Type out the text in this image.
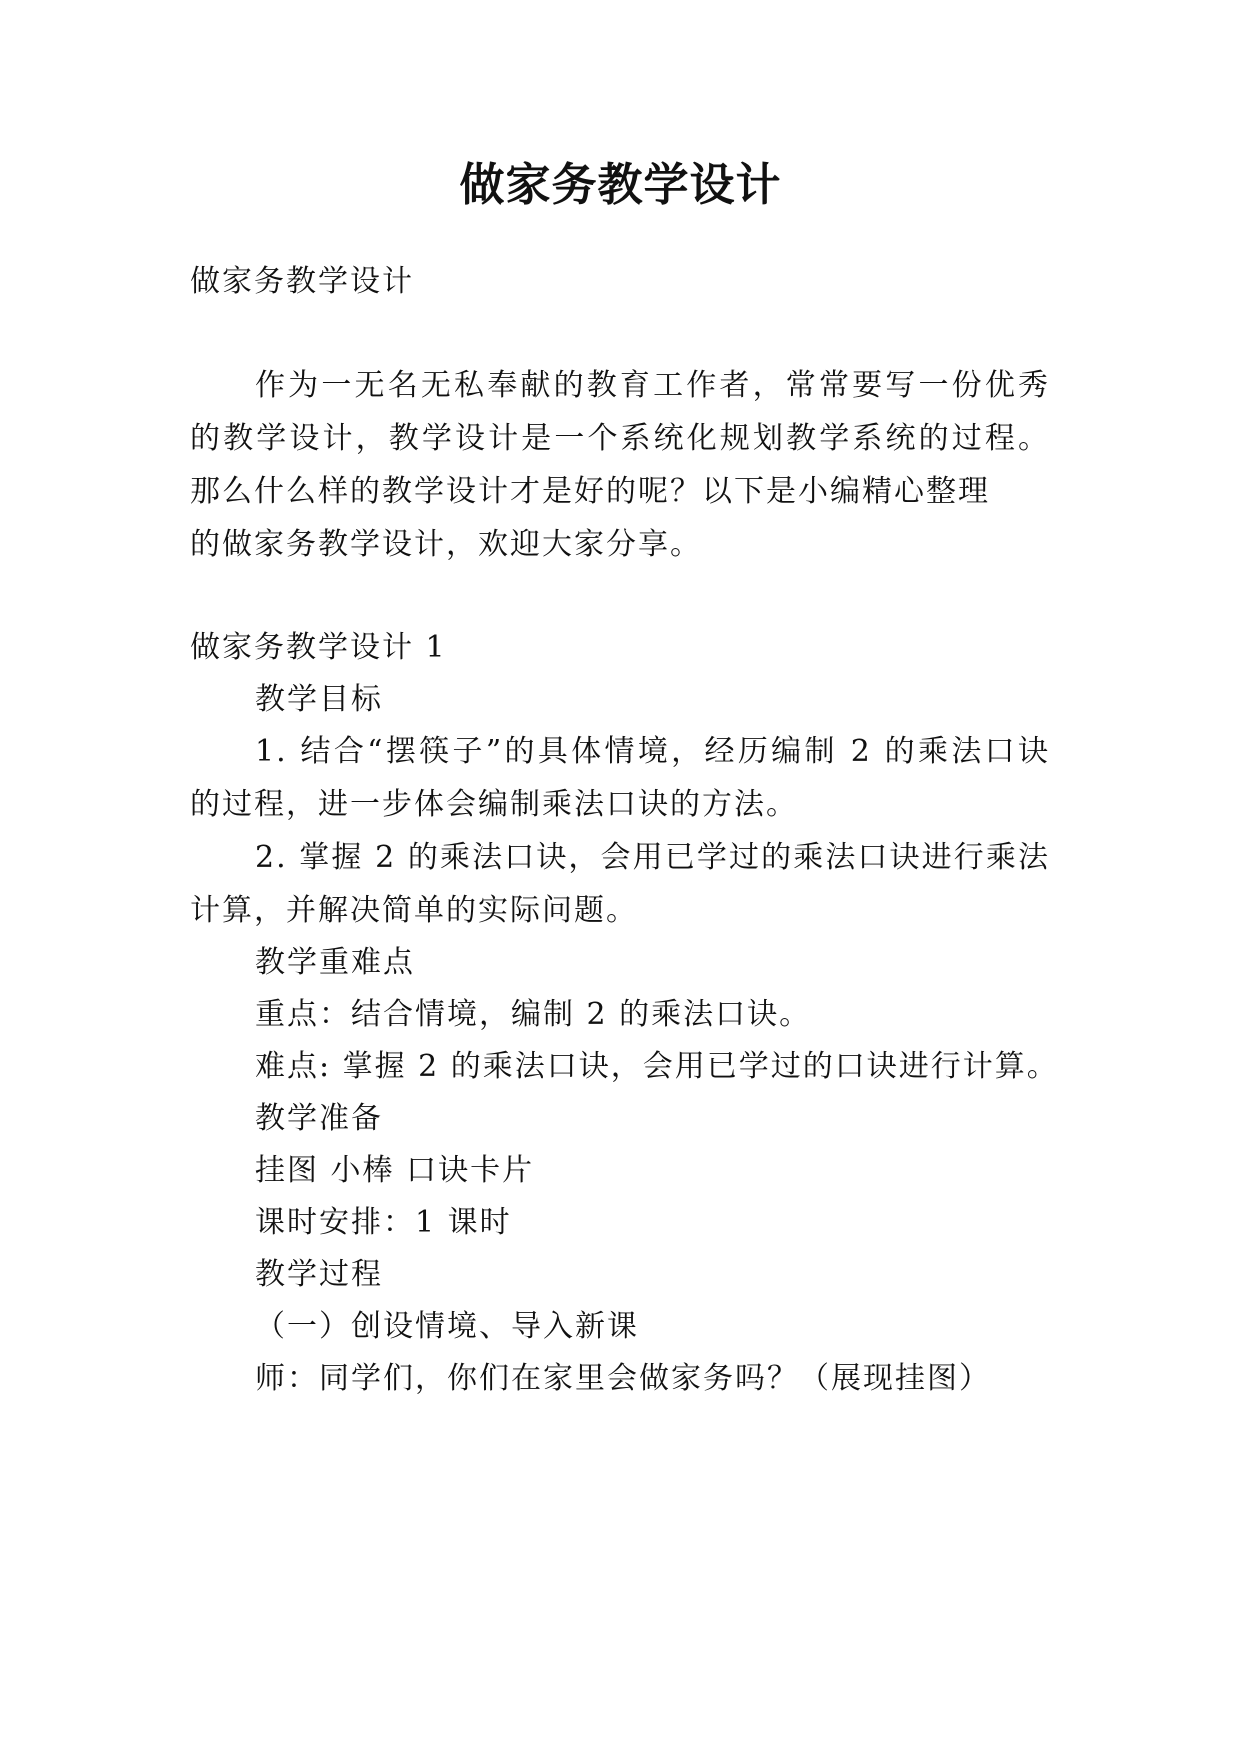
做家务教学设计

做家务教学设计

作为一无名无私奉献的教育工作者，常常要写一份优秀

的教学设计，教学设计是一个系统化规划教学系统的过程。

那么什么样的教学设计才是好的呢？以下是小编精心整理

的做家务教学设计，欢迎大家分享。

做家务教学设计 1

教学目标

1. 结合“摆筷子”的具体情境，经历编制 2 的乘法口诀

的过程，进一步体会编制乘法口诀的方法。

2. 掌握 2 的乘法口诀，会用已学过的乘法口诀进行乘法

计算，并解决简单的实际问题。

教学重难点

重点：结合情境，编制 2 的乘法口诀。

难点: 掌握 2 的乘法口诀，会用已学过的口诀进行计算。

教学准备

挂图 小棒 口诀卡片

课时安排：1 课时

教学过程

（一）创设情境、导入新课

师：同学们，你们在家里会做家务吗？（展现挂图）
